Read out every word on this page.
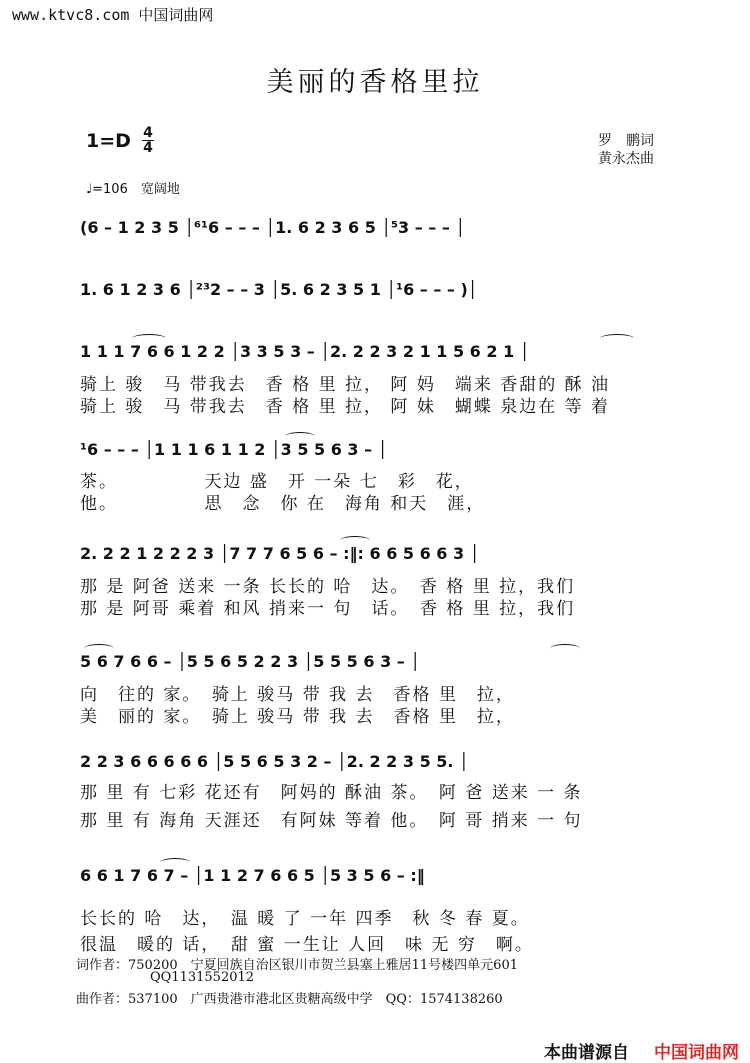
www.ktvc8.com 中国词曲网
美丽的香格里拉
1=D 4
4	罗　鹏词
黄永杰曲
♩=106　宽阔地
(6 – 1 2 3 5 │⁶¹6 – – – │1. 6 2 3 6 5 │⁵3 – – – │
1. 6 1 2 3 6 │²³2 – – 3 │5. 6 2 3 5 1 │¹6 – – – )│
1 1 1 7 6 6 1 2 2 │3 3 5 3 – │2. 2 2 3 2 1 1 5 6 2 1 │
骑上 骏　马 带我去　香 格 里 拉， 阿 妈　端来 香甜的 酥 油
骑上 骏　马 带我去　香 格 里 拉， 阿 妹　蝴蝶 泉边在 等 着
¹6 – – – │1 1 1 6 1 1 2 │3 5 5 6 3 – │
茶。　　　　　天边 盛　开 一朵 七　彩　花，
他。　　　　　思　念　你 在　海角 和天　涯，
2. 2 2 1 2 2 2 3 │7 7 7 6 5 6 – :‖: 6 6 5 6 6 3 │
那 是 阿爸 送来 一条 长长的 哈　达。　香 格 里 拉，我们
那 是 阿哥 乘着 和风 捎来一 句　话。　香 格 里 拉，我们
5 6 7 6 6 – │5 5 6 5 2 2 3 │5 5 5 6 3 – │
向　往的 家。　骑上 骏马 带 我 去　香格 里　拉，
美　丽的 家。　骑上 骏马 带 我 去　香格 里　拉，
2 2 3 6 6 6 6 6 │5 5 6 5 3 2 – │2. 2 2 3 5 5. │
那 里 有 七彩 花还有　阿妈的 酥油 茶。　阿 爸 送来 一 条
那 里 有 海角 天涯还　有阿妹 等着 他。　阿 哥 捎来 一 句
6 6 1 7 6 7 – │1 1 2 7 6 6 5 │5 3 5 6 – :‖
长长的 哈　达，　温 暖 了 一年 四季　秋 冬 春 夏。
很温　暖的 话，　甜 蜜 一生让 人回　味 无 穷　啊。
词作者：750200　宁夏回族自治区银川市贺兰县塞上雅居11号楼四单元601
QQ1131552012
曲作者：537100　广西贵港市港北区贵糖高级中学　QQ：1574138260
本曲谱源自 中国词曲网
